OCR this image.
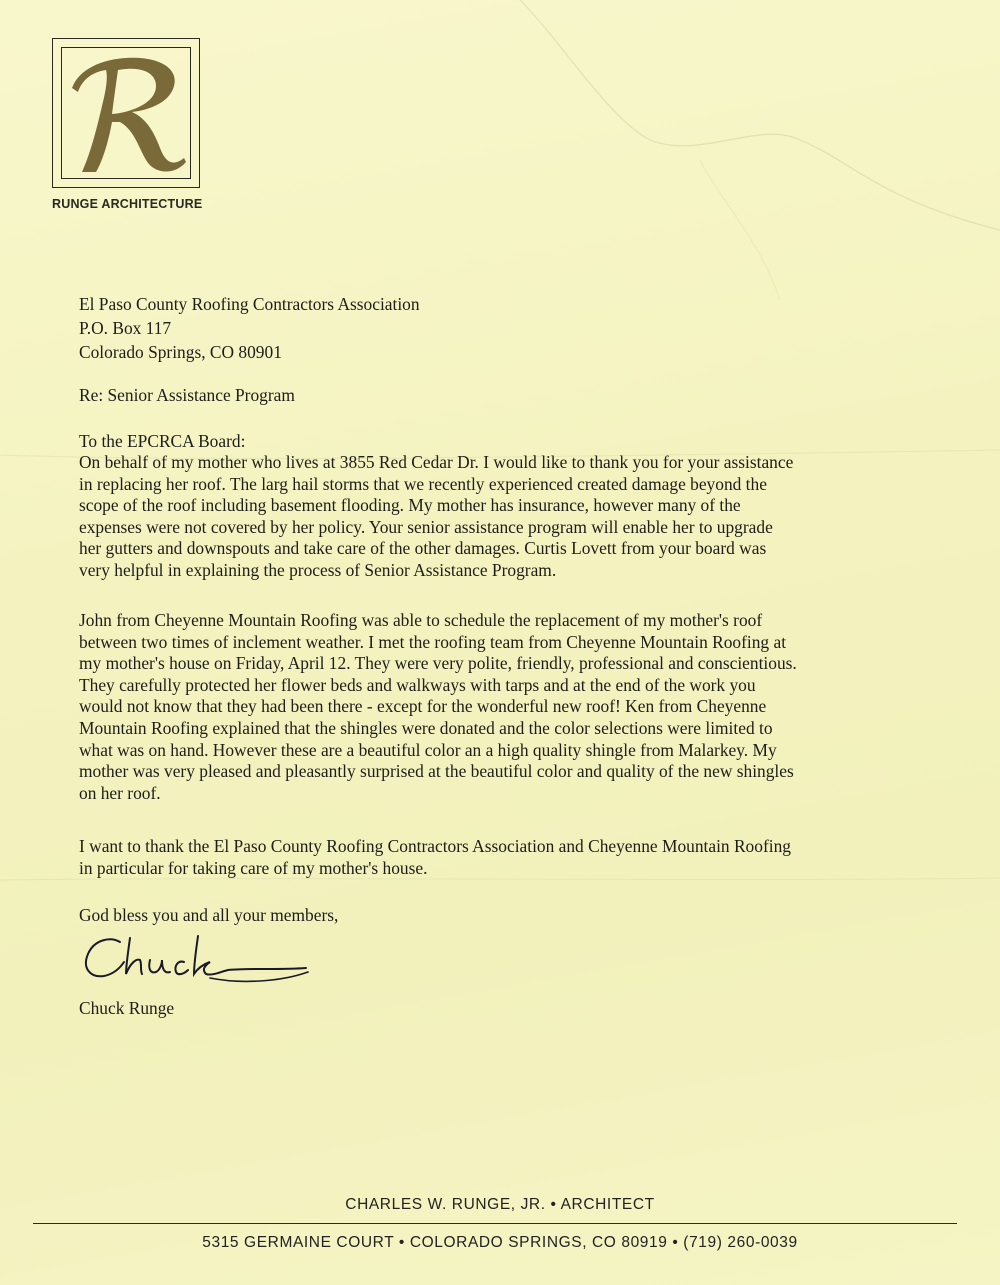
RUNGE ARCHITECTURE
El Paso County Roofing Contractors Association
P.O. Box 117
Colorado Springs, CO 80901
Re: Senior Assistance Program
To the EPCRCA Board:
On behalf of my mother who lives at 3855 Red Cedar Dr. I would like to thank you for your assistance
in replacing her roof. The larg hail storms that we recently experienced created damage beyond the
scope of the roof including basement flooding. My mother has insurance, however many of the
expenses were not covered by her policy. Your senior assistance program will enable her to upgrade
her gutters and downspouts and take care of the other damages. Curtis Lovett from your board was
very helpful in explaining the process of Senior Assistance Program.
John from Cheyenne Mountain Roofing was able to schedule the replacement of my mother's roof
between two times of inclement weather. I met the roofing team from Cheyenne Mountain Roofing at
my mother's house on Friday, April 12. They were very polite, friendly, professional and conscientious.
They carefully protected her flower beds and walkways with tarps and at the end of the work you
would not know that they had been there - except for the wonderful new roof! Ken from Cheyenne
Mountain Roofing explained that the shingles were donated and the color selections were limited to
what was on hand. However these are a beautiful color an a high quality shingle from Malarkey. My
mother was very pleased and pleasantly surprised at the beautiful color and quality of the new shingles
on her roof.
I want to thank the El Paso County Roofing Contractors Association and Cheyenne Mountain Roofing
in particular for taking care of my mother's house.
God bless you and all your members,
Chuck Runge
CHARLES W. RUNGE, JR. • ARCHITECT
5315 GERMAINE COURT • COLORADO SPRINGS, CO 80919 • (719) 260-0039
